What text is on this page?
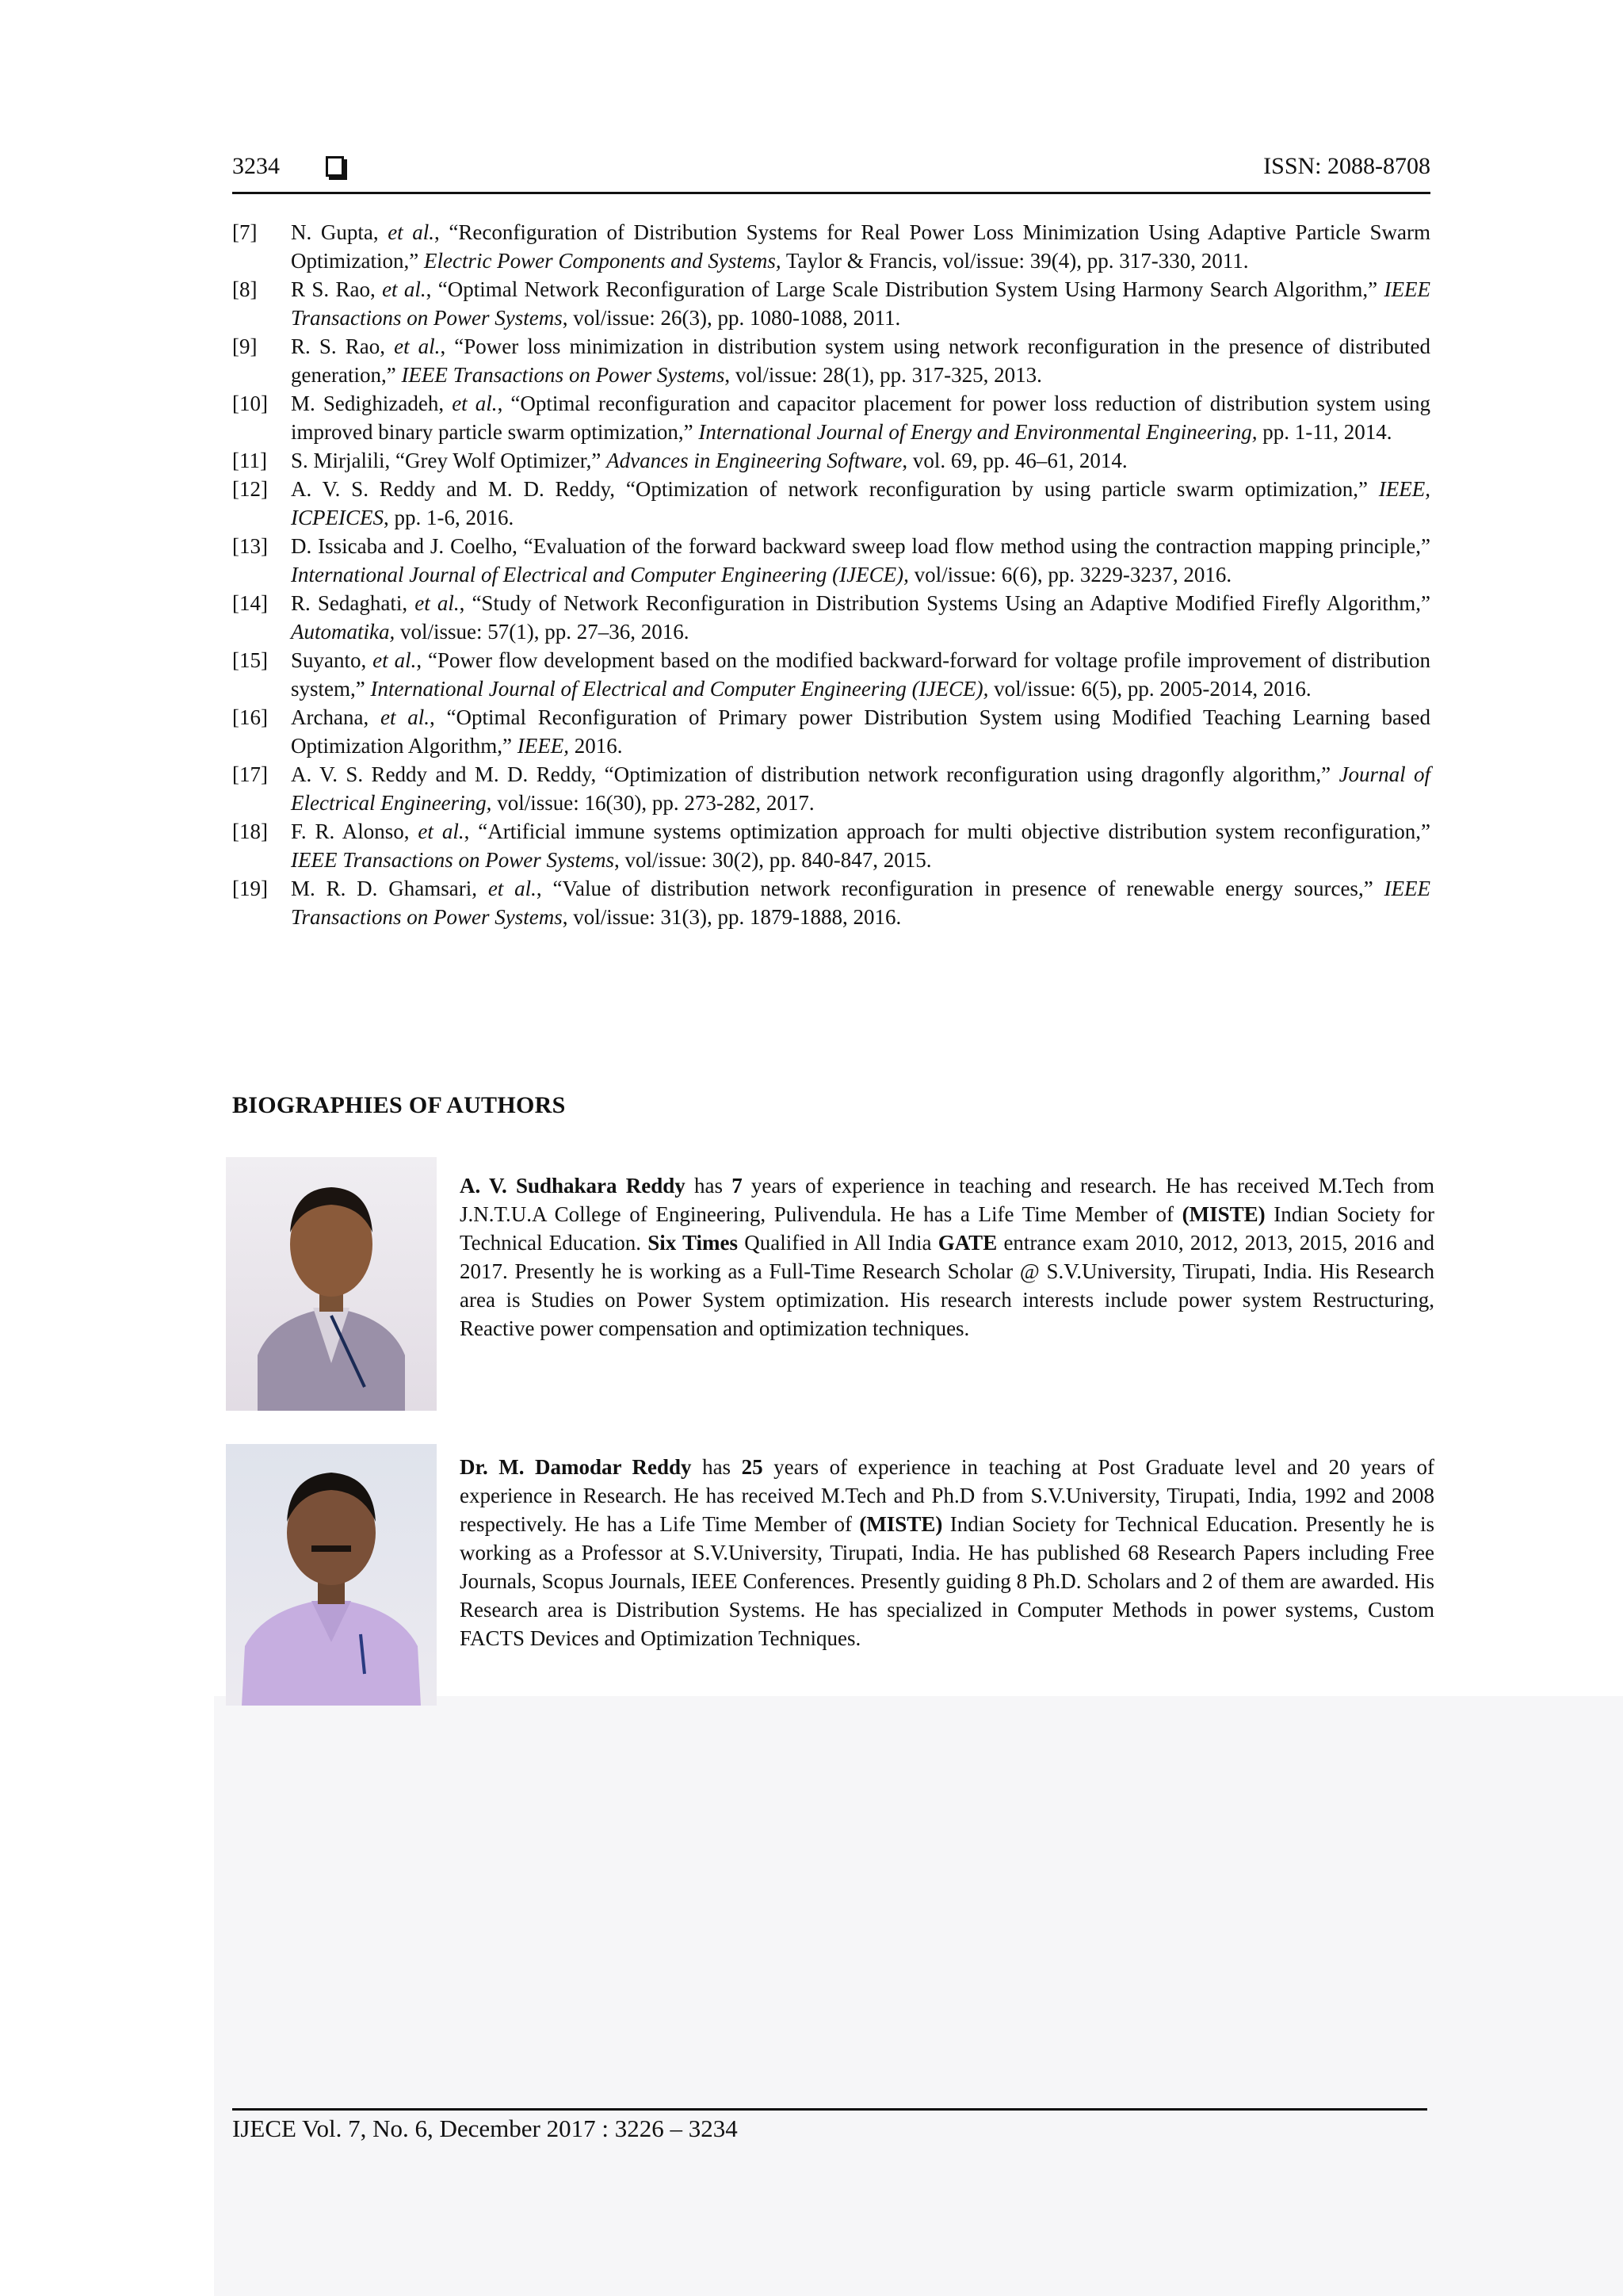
3234	ISSN: 2088-8708
[7] N. Gupta, et al., “Reconfiguration of Distribution Systems for Real Power Loss Minimization Using Adaptive Particle Swarm Optimization,” Electric Power Components and Systems, Taylor & Francis, vol/issue: 39(4), pp. 317-330, 2011.
[8] R S. Rao, et al., “Optimal Network Reconfiguration of Large Scale Distribution System Using Harmony Search Algorithm,” IEEE Transactions on Power Systems, vol/issue: 26(3), pp. 1080-1088, 2011.
[9] R. S. Rao, et al., “Power loss minimization in distribution system using network reconfiguration in the presence of distributed generation,” IEEE Transactions on Power Systems, vol/issue: 28(1), pp. 317-325, 2013.
[10] M. Sedighizadeh, et al., “Optimal reconfiguration and capacitor placement for power loss reduction of distribution system using improved binary particle swarm optimization,” International Journal of Energy and Environmental Engineering, pp. 1-11, 2014.
[11] S. Mirjalili, “Grey Wolf Optimizer,” Advances in Engineering Software, vol. 69, pp. 46–61, 2014.
[12] A. V. S. Reddy and M. D. Reddy, “Optimization of network reconfiguration by using particle swarm optimization,” IEEE, ICPEICES, pp. 1-6, 2016.
[13] D. Issicaba and J. Coelho, “Evaluation of the forward backward sweep load flow method using the contraction mapping principle,” International Journal of Electrical and Computer Engineering (IJECE), vol/issue: 6(6), pp. 3229-3237, 2016.
[14] R. Sedaghati, et al., “Study of Network Reconfiguration in Distribution Systems Using an Adaptive Modified Firefly Algorithm,” Automatika, vol/issue: 57(1), pp. 27–36, 2016.
[15] Suyanto, et al., “Power flow development based on the modified backward-forward for voltage profile improvement of distribution system,” International Journal of Electrical and Computer Engineering (IJECE), vol/issue: 6(5), pp. 2005-2014, 2016.
[16] Archana, et al., “Optimal Reconfiguration of Primary power Distribution System using Modified Teaching Learning based Optimization Algorithm,” IEEE, 2016.
[17] A. V. S. Reddy and M. D. Reddy, “Optimization of distribution network reconfiguration using dragonfly algorithm,” Journal of Electrical Engineering, vol/issue: 16(30), pp. 273-282, 2017.
[18] F. R. Alonso, et al., “Artificial immune systems optimization approach for multi objective distribution system reconfiguration,” IEEE Transactions on Power Systems, vol/issue: 30(2), pp. 840-847, 2015.
[19] M. R. D. Ghamsari, et al., “Value of distribution network reconfiguration in presence of renewable energy sources,” IEEE Transactions on Power Systems, vol/issue: 31(3), pp. 1879-1888, 2016.
BIOGRAPHIES OF AUTHORS
A. V. Sudhakara Reddy has 7 years of experience in teaching and research. He has received M.Tech from J.N.T.U.A College of Engineering, Pulivendula. He has a Life Time Member of (MISTE) Indian Society for Technical Education. Six Times Qualified in All India GATE entrance exam 2010, 2012, 2013, 2015, 2016 and 2017. Presently he is working as a Full-Time Research Scholar @ S.V.University, Tirupati, India. His Research area is Studies on Power System optimization. His research interests include power system Restructuring, Reactive power compensation and optimization techniques.
Dr. M. Damodar Reddy has 25 years of experience in teaching at Post Graduate level and 20 years of experience in Research. He has received M.Tech and Ph.D from S.V.University, Tirupati, India, 1992 and 2008 respectively. He has a Life Time Member of (MISTE) Indian Society for Technical Education. Presently he is working as a Professor at S.V.University, Tirupati, India. He has published 68 Research Papers including Free Journals, Scopus Journals, IEEE Conferences. Presently guiding 8 Ph.D. Scholars and 2 of them are awarded. His Research area is Distribution Systems. He has specialized in Computer Methods in power systems, Custom FACTS Devices and Optimization Techniques.
IJECE Vol. 7, No. 6, December 2017 : 3226 – 3234
